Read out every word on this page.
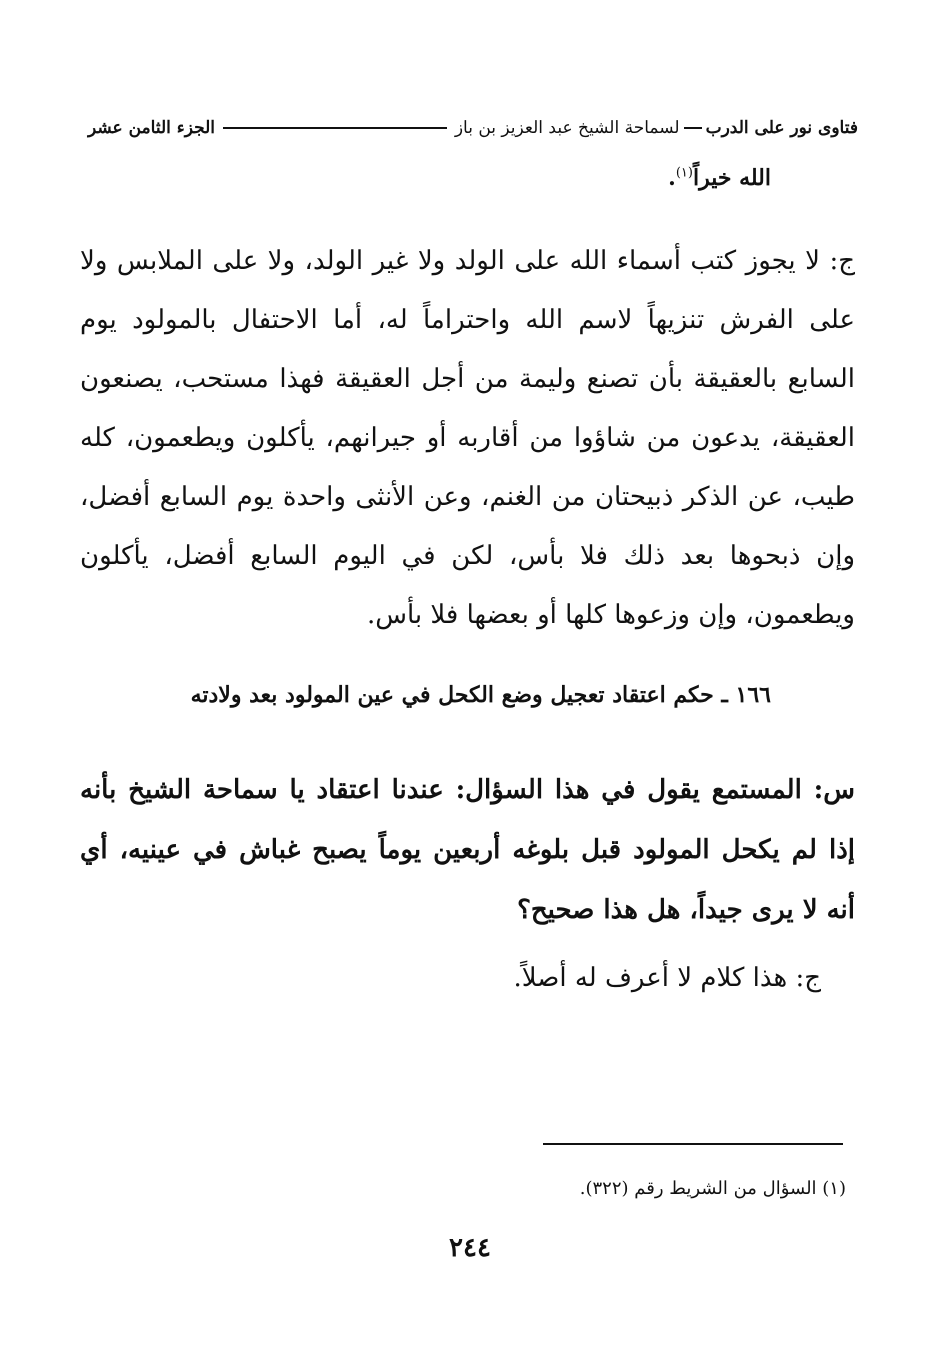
فتاوى نور على الدرب
لسماحة الشيخ عبد العزيز بن باز
الجزء الثامن عشر
الله خيراً$^{(١)}$.

ج: لا يجوز كتب أسماء الله على الولد ولا غير الولد، ولا على الملابس ولا على الفرش تنزيهاً لاسم الله واحتراماً له، أما الاحتفال بالمولود يوم السابع بالعقيقة بأن تصنع وليمة من أجل العقيقة فهذا مستحب، يصنعون العقيقة، يدعون من شاؤوا من أقاربه أو جيرانهم، يأكلون ويطعمون، كله طيب، عن الذكر ذبيحتان من الغنم، وعن الأنثى واحدة يوم السابع أفضل، وإن ذبحوها بعد ذلك فلا بأس، لكن في اليوم السابع أفضل، يأكلون ويطعمون، وإن وزعوها كلها أو بعضها فلا بأس.

١٦٦ ـ حكم اعتقاد تعجيل وضع الكحل في عين المولود بعد ولادته

س: المستمع يقول في هذا السؤال: عندنا اعتقاد يا سماحة الشيخ بأنه إذا لم يكحل المولود قبل بلوغه أربعين يوماً يصبح غباش في عينيه، أي أنه لا يرى جيداً، هل هذا صحيح؟

ج: هذا كلام لا أعرف له أصلاً.
(١) السؤال من الشريط رقم (٣٢٢).
٢٤٤
